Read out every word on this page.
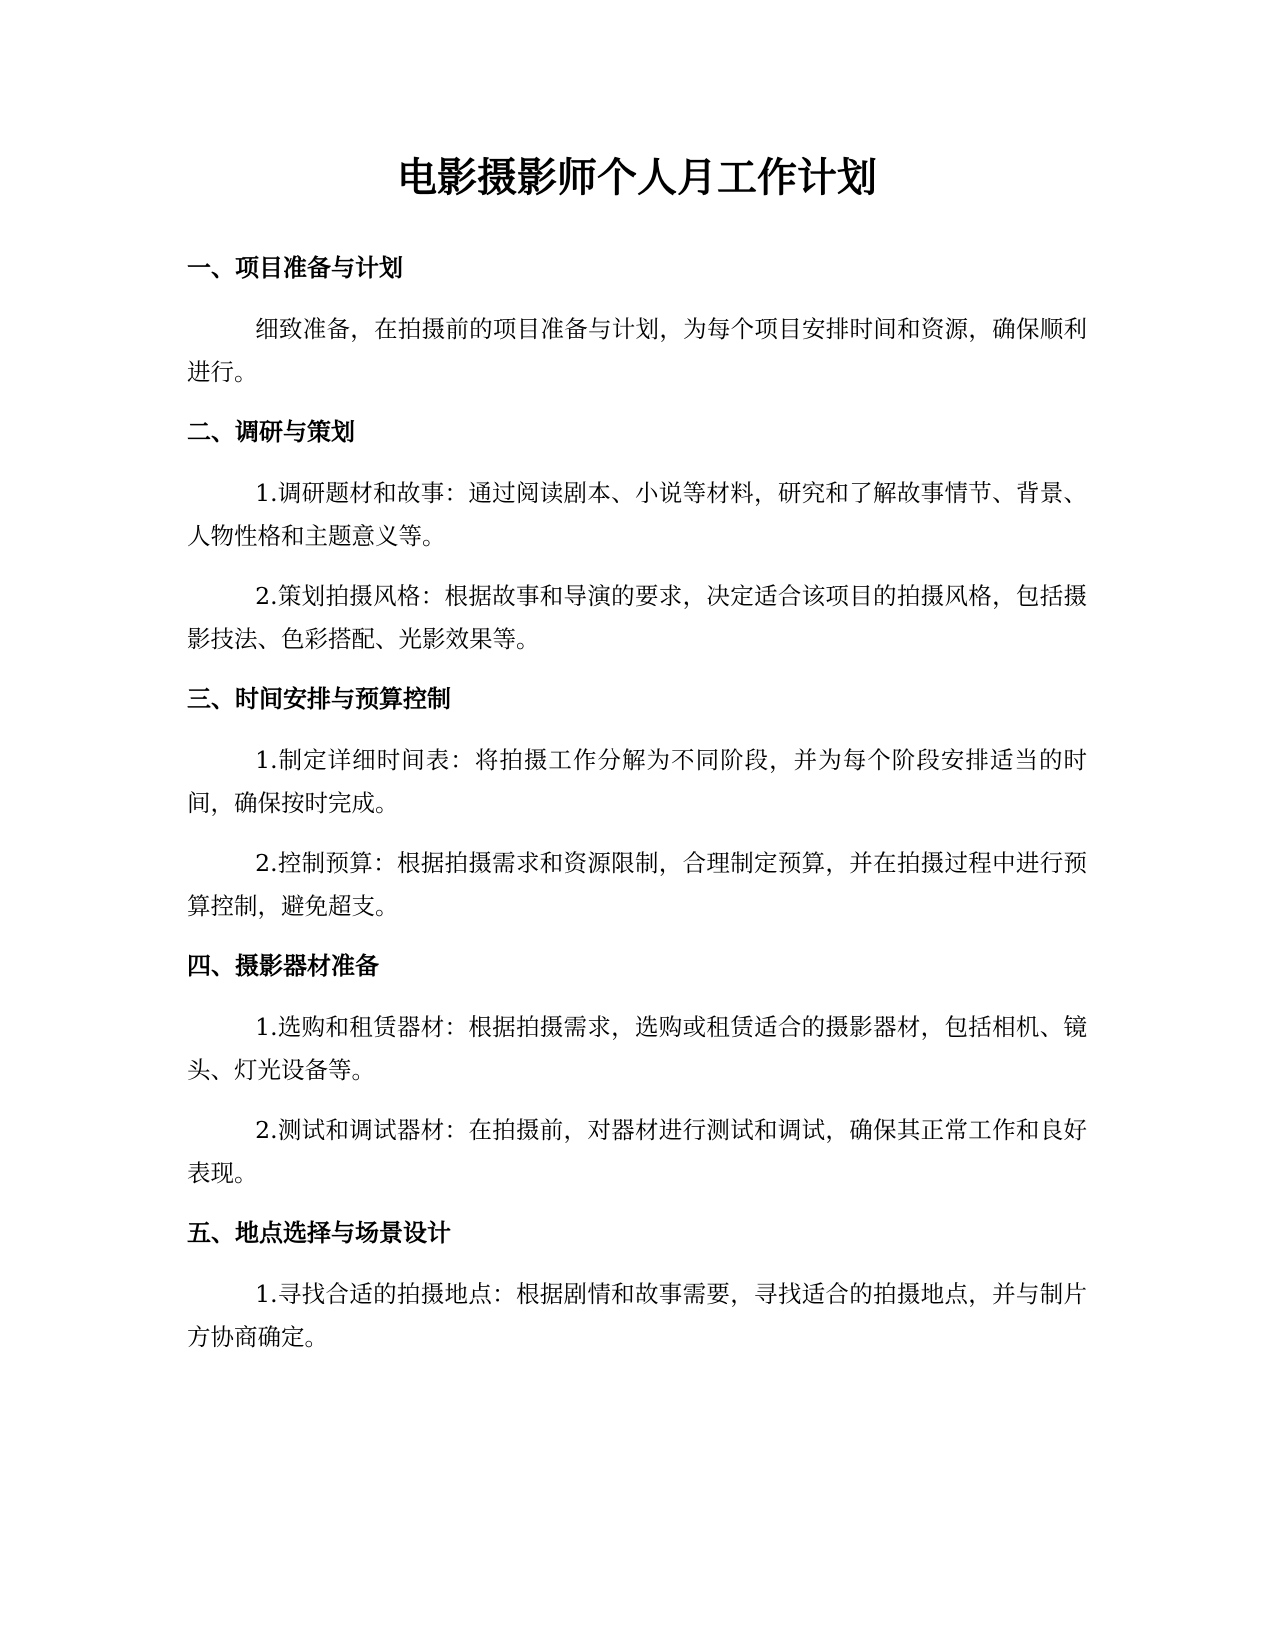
电影摄影师个人月工作计划
一、项目准备与计划

细致准备，在拍摄前的项目准备与计划，为每个项目安排时间和资源，确保顺利进行。

二、调研与策划

1.调研题材和故事：通过阅读剧本、小说等材料，研究和了解故事情节、背景、人物性格和主题意义等。

2.策划拍摄风格：根据故事和导演的要求，决定适合该项目的拍摄风格，包括摄影技法、色彩搭配、光影效果等。

三、时间安排与预算控制

1.制定详细时间表：将拍摄工作分解为不同阶段，并为每个阶段安排适当的时间，确保按时完成。

2.控制预算：根据拍摄需求和资源限制，合理制定预算，并在拍摄过程中进行预算控制，避免超支。

四、摄影器材准备

1.选购和租赁器材：根据拍摄需求，选购或租赁适合的摄影器材，包括相机、镜头、灯光设备等。

2.测试和调试器材：在拍摄前，对器材进行测试和调试，确保其正常工作和良好表现。

五、地点选择与场景设计

1.寻找合适的拍摄地点：根据剧情和故事需要，寻找适合的拍摄地点，并与制片方协商确定。
